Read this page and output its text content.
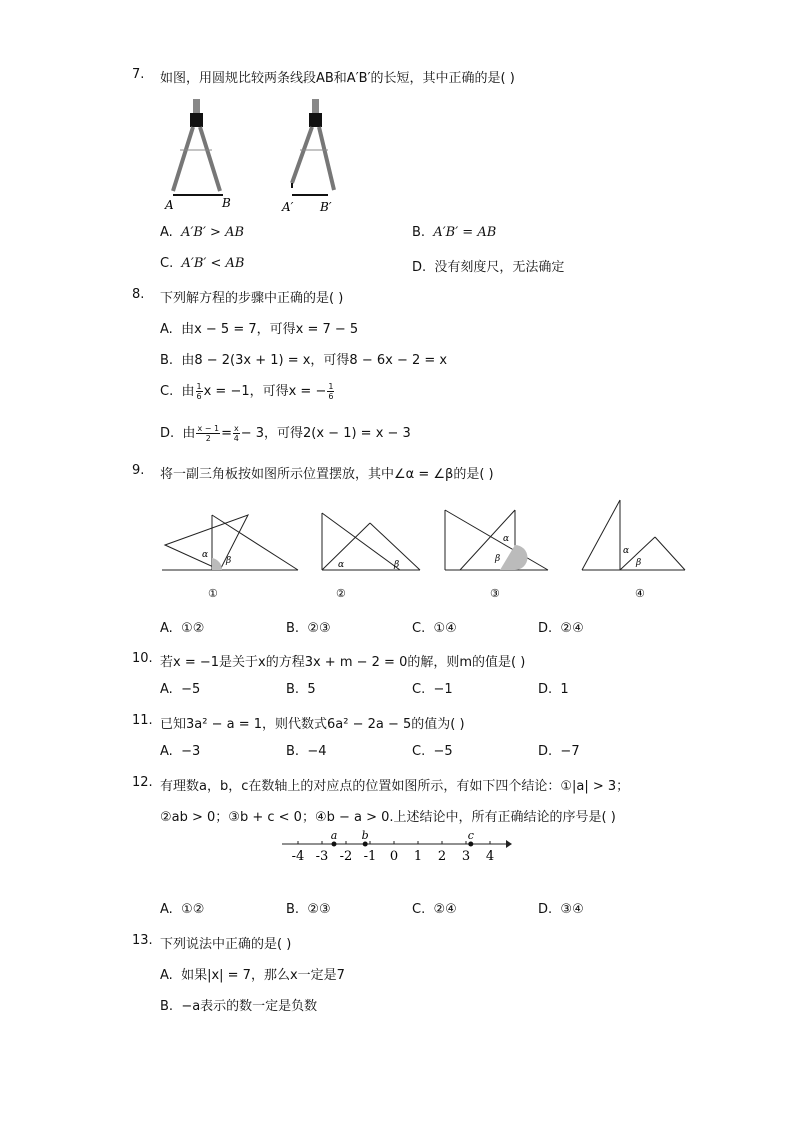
7. 如图，用圆规比较两条线段AB和A′B′的长短，其中正确的是( )
A	B	A′ B′
A. A′B′ > AB	B. A′B′ = AB
C. A′B′ < AB	D. 没有刻度尺，无法确定
8. 下列解方程的步骤中正确的是( )
A. 由x − 5 = 7，可得x = 7 − 5
B. 由8 − 2(3x + 1) = x，可得8 − 6x − 2 = x
C. 由 $\frac{1}{6}$ x = −1，可得x = − $\frac{1}{6}$
D. 由 $\frac{x - 1}{2} = \frac{x}{4} - 3$，可得2(x − 1) = x − 3
9. 将一副三角板按如图所示位置摆放，其中∠α = ∠β的是( )
α
β	α	β
α
β
α
β
①	②	③	④
A. ①②	B. ②③	C. ①④	D. ②④
10. 若x = −1是关于x的方程3x + m − 2 = 0的解，则m的值是( )
A. −5	B. 5	C. −1	D. 1
11. 已知3a² − a = 1，则代数式6a² − 2a − 5的值为( )
A. −3	B. −4	C. −5	D. −7
12. 有理数a，b，c在数轴上的对应点的位置如图所示，有如下四个结论：①|a| > 3；
②ab > 0；③b + c < 0；④b − a > 0.上述结论中，所有正确结论的序号是( )
-4 -3 -2 -1 0 1 2 3 4
a b	c
A. ①②	B. ②③	C. ②④	D. ③④
13. 下列说法中正确的是( )
A. 如果|x| = 7，那么x一定是7
B. −a表示的数一定是负数
